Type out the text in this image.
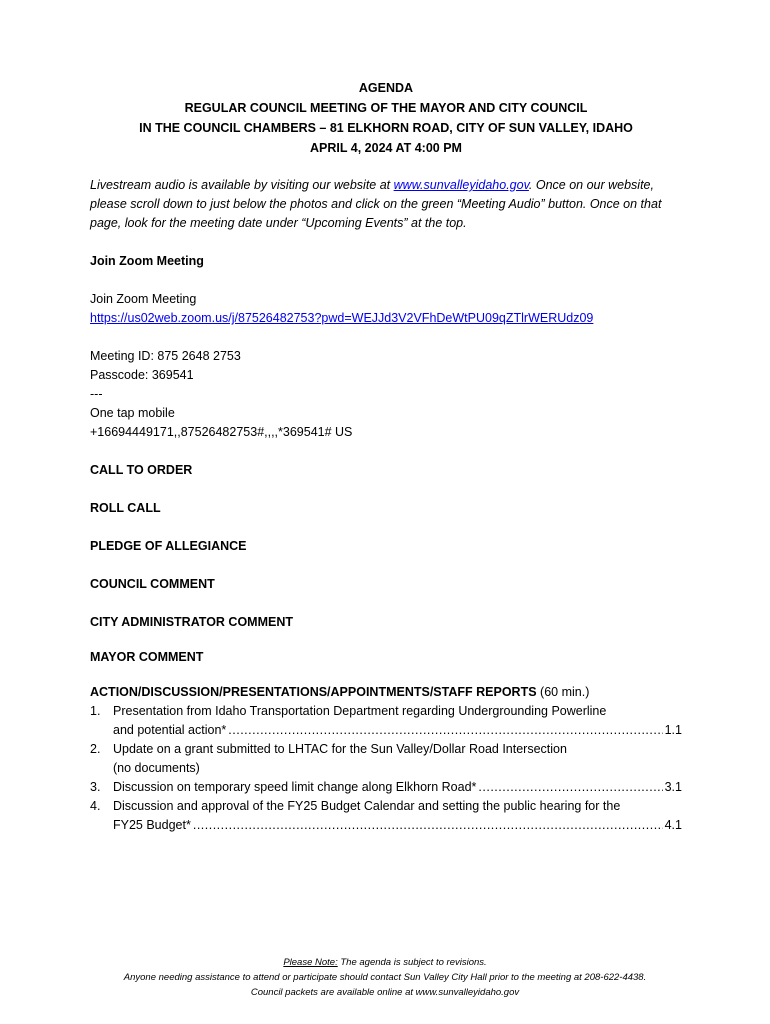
AGENDA
REGULAR COUNCIL MEETING OF THE MAYOR AND CITY COUNCIL
IN THE COUNCIL CHAMBERS – 81 ELKHORN ROAD, CITY OF SUN VALLEY, IDAHO
APRIL 4, 2024 AT 4:00 PM
Livestream audio is available by visiting our website at www.sunvalleyidaho.gov. Once on our website, please scroll down to just below the photos and click on the green “Meeting Audio” button. Once on that page, look for the meeting date under “Upcoming Events” at the top.
Join Zoom Meeting
Join Zoom Meeting
https://us02web.zoom.us/j/87526482753?pwd=WEJJd3V2VFhDeWtPU09qZTlrWERUdz09
Meeting ID: 875 2648 2753
Passcode: 369541
---
One tap mobile
+16694449171,,87526482753#,,,,*369541# US
CALL TO ORDER
ROLL CALL
PLEDGE OF ALLEGIANCE
COUNCIL COMMENT
CITY ADMINISTRATOR COMMENT
MAYOR COMMENT
ACTION/DISCUSSION/PRESENTATIONS/APPOINTMENTS/STAFF REPORTS (60 min.)
1. Presentation from Idaho Transportation Department regarding Undergrounding Powerline
and potential action* .....	1.1
2. Update on a grant submitted to LHTAC for the Sun Valley/Dollar Road Intersection
(no documents)
3. Discussion on temporary speed limit change along Elkhorn Road* .....	3.1
4. Discussion and approval of the FY25 Budget Calendar and setting the public hearing for the
FY25 Budget* .....	4.1
Please Note: The agenda is subject to revisions.
Anyone needing assistance to attend or participate should contact Sun Valley City Hall prior to the meeting at 208-622-4438.
Council packets are available online at www.sunvalleyidaho.gov
